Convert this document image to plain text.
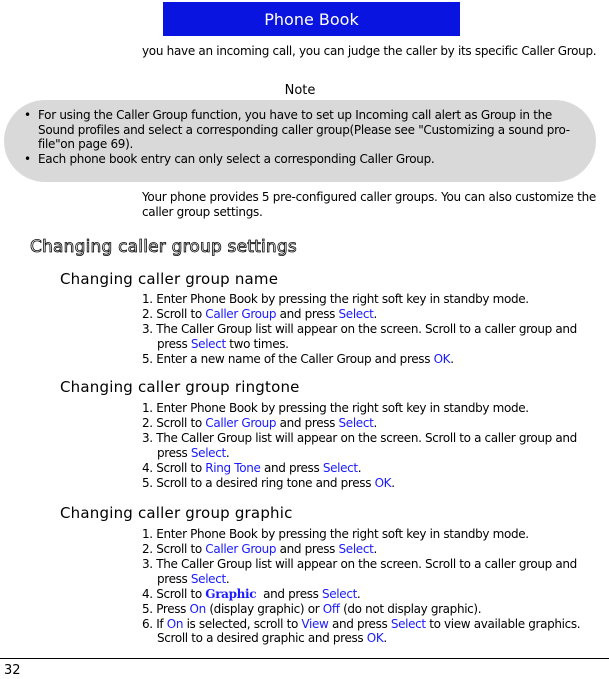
Phone Book
you have an incoming call, you can judge the caller by its specific Caller Group.
Note
• For using the Caller Group function, you have to set up Incoming call alert as Group in the Sound profiles and select a corresponding caller group(Please see "Customizing a sound pro-file"on page 69).
• Each phone book entry can only select a corresponding Caller Group.
Your phone provides 5 pre-configured caller groups. You can also customize the caller group settings.
Changing caller group settings
Changing caller group name
1. Enter Phone Book by pressing the right soft key in standby mode.
2. Scroll to Caller Group and press Select.
3. The Caller Group list will appear on the screen. Scroll to a caller group and press Select two times.
5. Enter a new name of the Caller Group and press OK.
Changing caller group ringtone
1. Enter Phone Book by pressing the right soft key in standby mode.
2. Scroll to Caller Group and press Select.
3. The Caller Group list will appear on the screen. Scroll to a caller group and press Select.
4. Scroll to Ring Tone and press Select.
5. Scroll to a desired ring tone and press OK.
Changing caller group graphic
1. Enter Phone Book by pressing the right soft key in standby mode.
2. Scroll to Caller Group and press Select.
3. The Caller Group list will appear on the screen. Scroll to a caller group and press Select.
4. Scroll to Graphic  and press Select.
5. Press On (display graphic) or Off (do not display graphic).
6. If On is selected, scroll to View and press Select to view available graphics. Scroll to a desired graphic and press OK.
32
